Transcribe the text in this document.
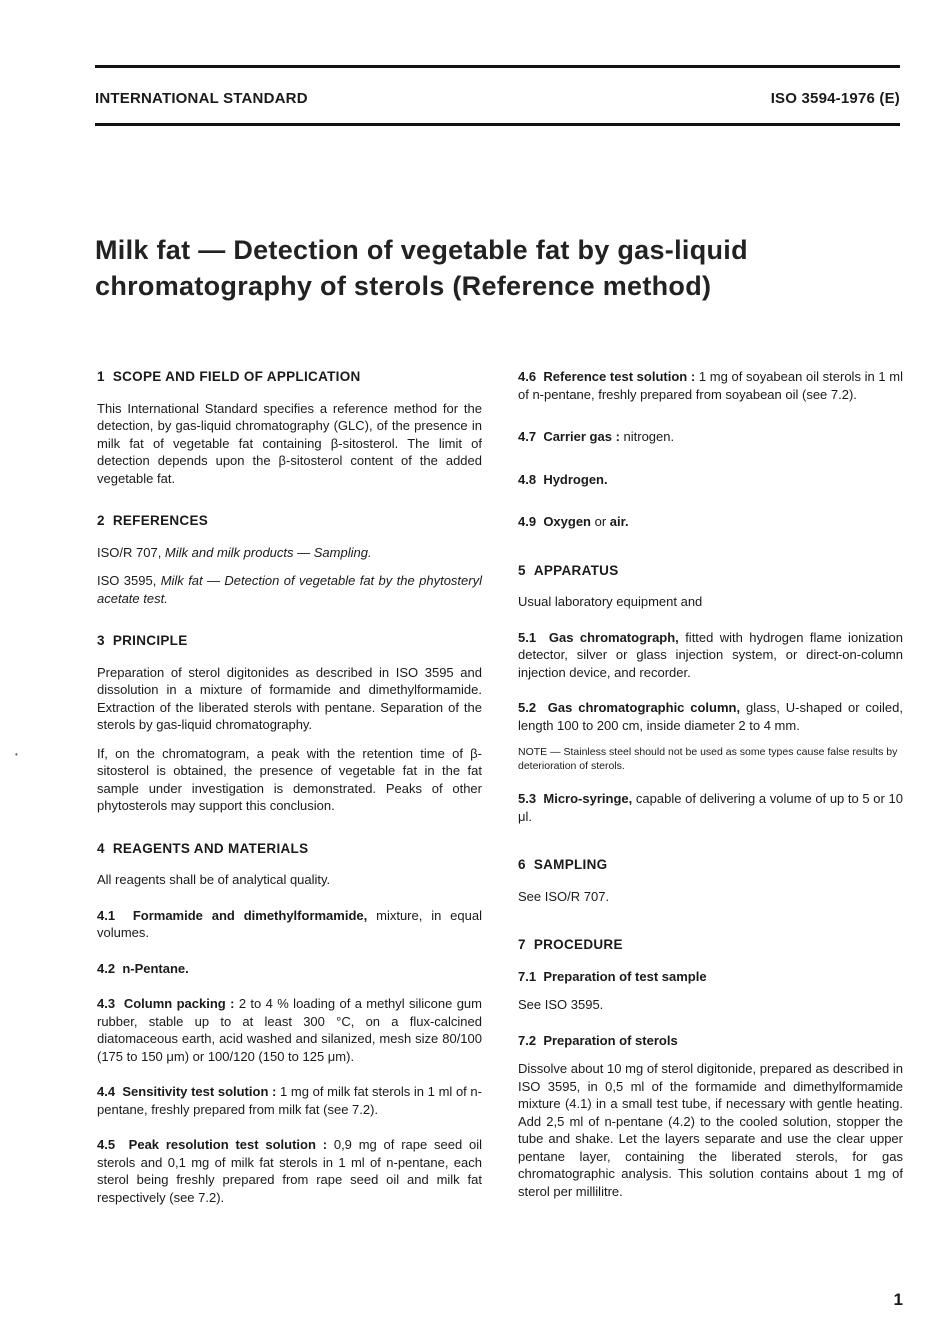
INTERNATIONAL STANDARD	ISO 3594-1976 (E)
Milk fat — Detection of vegetable fat by gas-liquid chromatography of sterols (Reference method)
•
1 SCOPE AND FIELD OF APPLICATION

This International Standard specifies a reference method for the detection, by gas-liquid chromatography (GLC), of the presence in milk fat of vegetable fat containing β-sitosterol. The limit of detection depends upon the β-sitosterol content of the added vegetable fat.

2 REFERENCES

ISO/R 707, Milk and milk products — Sampling.

ISO 3595, Milk fat — Detection of vegetable fat by the phytosteryl acetate test.

3 PRINCIPLE

Preparation of sterol digitonides as described in ISO 3595 and dissolution in a mixture of formamide and dimethylformamide. Extraction of the liberated sterols with pentane. Separation of the sterols by gas-liquid chromatography.

If, on the chromatogram, a peak with the retention time of β-sitosterol is obtained, the presence of vegetable fat in the fat sample under investigation is demonstrated. Peaks of other phytosterols may support this conclusion.

4 REAGENTS AND MATERIALS

All reagents shall be of analytical quality.

4.1 Formamide and dimethylformamide, mixture, in equal volumes.
4.2 n-Pentane.
4.3 Column packing : 2 to 4 % loading of a methyl silicone gum rubber, stable up to at least 300 °C, on a flux-calcined diatomaceous earth, acid washed and silanized, mesh size 80/100 (175 to 150 μm) or 100/120 (150 to 125 μm).
4.4 Sensitivity test solution : 1 mg of milk fat sterols in 1 ml of n-pentane, freshly prepared from milk fat (see 7.2).
4.5 Peak resolution test solution : 0,9 mg of rape seed oil sterols and 0,1 mg of milk fat sterols in 1 ml of n-pentane, each sterol being freshly prepared from rape seed oil and milk fat respectively (see 7.2).
4.6 Reference test solution : 1 mg of soyabean oil sterols in 1 ml of n-pentane, freshly prepared from soyabean oil (see 7.2).
4.7 Carrier gas : nitrogen.
4.8 Hydrogen.
4.9 Oxygen or air.
5 APPARATUS

Usual laboratory equipment and

5.1 Gas chromatograph, fitted with hydrogen flame ionization detector, silver or glass injection system, or direct-on-column injection device, and recorder.
5.2 Gas chromatographic column, glass, U-shaped or coiled, length 100 to 200 cm, inside diameter 2 to 4 mm.
NOTE — Stainless steel should not be used as some types cause false results by deterioration of sterols.
5.3 Micro-syringe, capable of delivering a volume of up to 5 or 10 μl.
6 SAMPLING

See ISO/R 707.

7 PROCEDURE
7.1 Preparation of test sample

See ISO 3595.

7.2 Preparation of sterols

Dissolve about 10 mg of sterol digitonide, prepared as described in ISO 3595, in 0,5 ml of the formamide and dimethylformamide mixture (4.1) in a small test tube, if necessary with gentle heating. Add 2,5 ml of n-pentane (4.2) to the cooled solution, stopper the tube and shake. Let the layers separate and use the clear upper pentane layer, containing the liberated sterols, for gas chromatographic analysis. This solution contains about 1 mg of sterol per millilitre.

1
